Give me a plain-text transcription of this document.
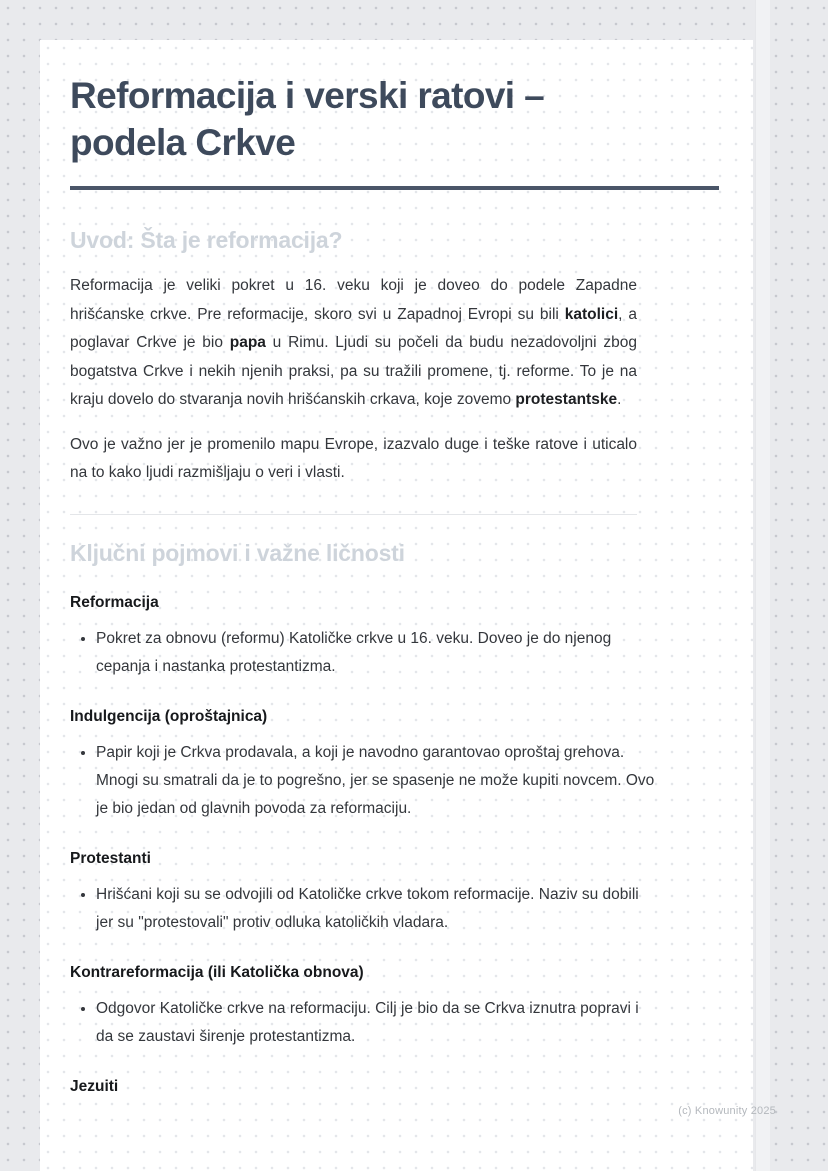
Reformacija i verski ratovi –
podela Crkve
Uvod: Šta je reformacija?

Reformacija je veliki pokret u 16. veku koji je doveo do podele Zapadne hrišćanske crkve. Pre reformacije, skoro svi u Zapadnoj Evropi su bili katolici, a poglavar Crkve je bio papa u Rimu. Ljudi su počeli da budu nezadovoljni zbog bogatstva Crkve i nekih njenih praksi, pa su tražili promene, tj. reforme. To je na kraju dovelo do stvaranja novih hrišćanskih crkava, koje zovemo protestantske.

Ovo je važno jer je promenilo mapu Evrope, izazvalo duge i teške ratove i uticalo na to kako ljudi razmišljaju o veri i vlasti.

Ključni pojmovi i važne ličnosti
Reformacija
• Pokret za obnovu (reformu) Katoličke crkve u 16. veku. Doveo je do njenog cepanja i nastanka protestantizma.
Indulgencija (oproštajnica)
• Papir koji je Crkva prodavala, a koji je navodno garantovao oproštaj grehova. Mnogi su smatrali da je to pogrešno, jer se spasenje ne može kupiti novcem. Ovo je bio jedan od glavnih povoda za reformaciju.
Protestanti
• Hrišćani koji su se odvojili od Katoličke crkve tokom reformacije. Naziv su dobili jer su "protestovali" protiv odluka katoličkih vladara.
Kontrareformacija (ili Katolička obnova)
• Odgovor Katoličke crkve na reformaciju. Cilj je bio da se Crkva iznutra popravi i da se zaustavi širenje protestantizma.
Jezuiti
(c) Knowunity 2025
